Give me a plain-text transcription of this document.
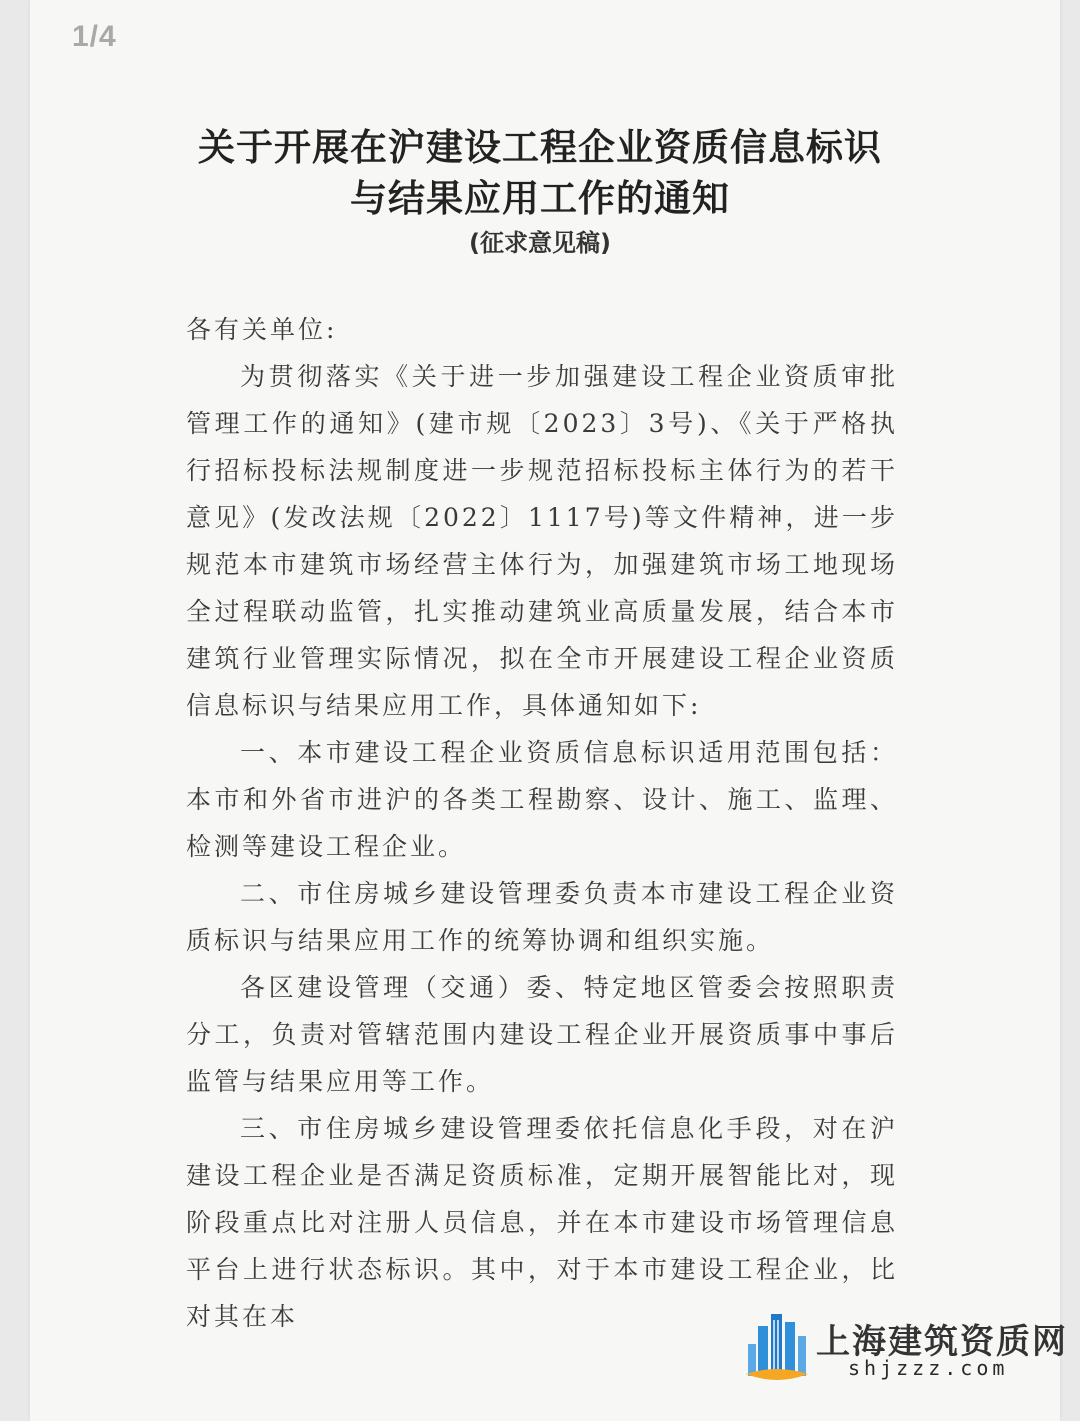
1/4
关于开展在沪建设工程企业资质信息标识
与结果应用工作的通知
(征求意见稿)
各有关单位:

为贯彻落实《关于进一步加强建设工程企业资质审批管理工作的通知》(建市规〔2023〕3号)、《关于严格执行招标投标法规制度进一步规范招标投标主体行为的若干意见》(发改法规〔2022〕1117号)等文件精神，进一步规范本市建筑市场经营主体行为，加强建筑市场工地现场全过程联动监管，扎实推动建筑业高质量发展，结合本市建筑行业管理实际情况，拟在全市开展建设工程企业资质信息标识与结果应用工作，具体通知如下:

一、本市建设工程企业资质信息标识适用范围包括：本市和外省市进沪的各类工程勘察、设计、施工、监理、检测等建设工程企业。

二、市住房城乡建设管理委负责本市建设工程企业资质标识与结果应用工作的统筹协调和组织实施。

各区建设管理（交通）委、特定地区管委会按照职责分工，负责对管辖范围内建设工程企业开展资质事中事后监管与结果应用等工作。

三、市住房城乡建设管理委依托信息化手段，对在沪建设工程企业是否满足资质标准，定期开展智能比对，现阶段重点比对注册人员信息，并在本市建设市场管理信息平台上进行状态标识。其中，对于本市建设工程企业，比对其在本

上海建筑资质网
shjzzz.com
